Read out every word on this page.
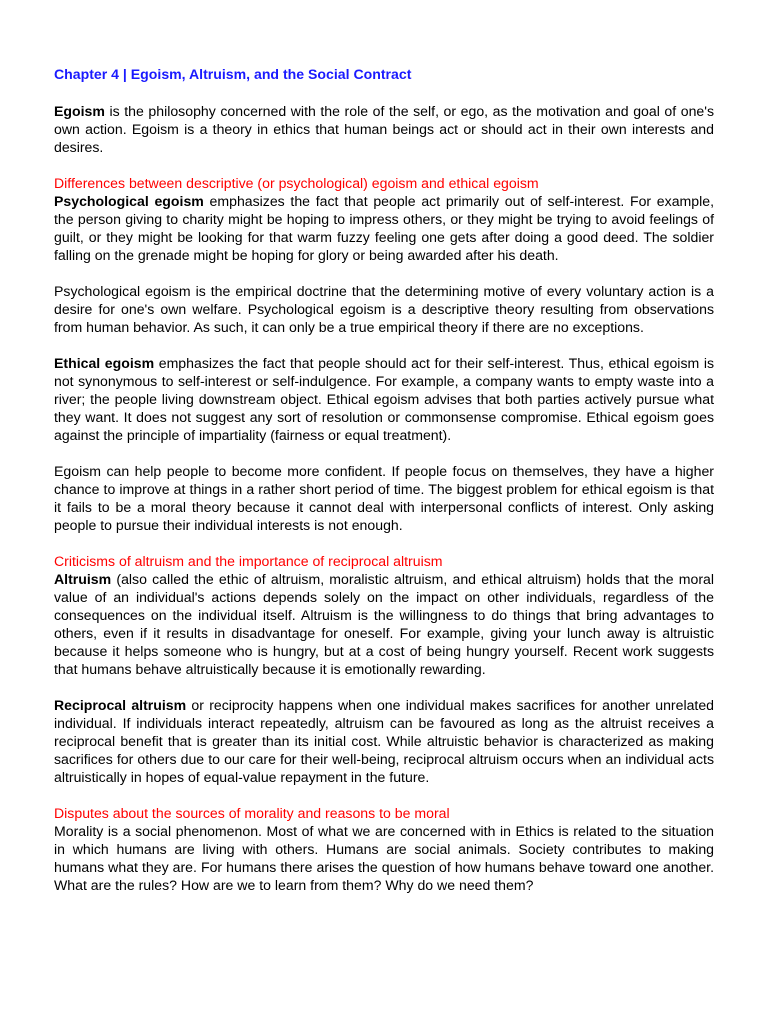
Chapter 4 | Egoism, Altruism, and the Social Contract

Egoism is the philosophy concerned with the role of the self, or ego, as the motivation and goal of one's own action. Egoism is a theory in ethics that human beings act or should act in their own interests and desires.

Differences between descriptive (or psychological) egoism and ethical egoism

Psychological egoism emphasizes the fact that people act primarily out of self-interest. For example, the person giving to charity might be hoping to impress others, or they might be trying to avoid feelings of guilt, or they might be looking for that warm fuzzy feeling one gets after doing a good deed. The soldier falling on the grenade might be hoping for glory or being awarded after his death.

Psychological egoism is the empirical doctrine that the determining motive of every voluntary action is a desire for one's own welfare. Psychological egoism is a descriptive theory resulting from observations from human behavior. As such, it can only be a true empirical theory if there are no exceptions.

Ethical egoism emphasizes the fact that people should act for their self-interest. Thus, ethical egoism is not synonymous to self-interest or self-indulgence. For example, a company wants to empty waste into a river; the people living downstream object. Ethical egoism advises that both parties actively pursue what they want. It does not suggest any sort of resolution or commonsense compromise. Ethical egoism goes against the principle of impartiality (fairness or equal treatment).

Egoism can help people to become more confident. If people focus on themselves, they have a higher chance to improve at things in a rather short period of time. The biggest problem for ethical egoism is that it fails to be a moral theory because it cannot deal with interpersonal conflicts of interest. Only asking people to pursue their individual interests is not enough.

Criticisms of altruism and the importance of reciprocal altruism

Altruism (also called the ethic of altruism, moralistic altruism, and ethical altruism) holds that the moral value of an individual's actions depends solely on the impact on other individuals, regardless of the consequences on the individual itself. Altruism is the willingness to do things that bring advantages to others, even if it results in disadvantage for oneself. For example, giving your lunch away is altruistic because it helps someone who is hungry, but at a cost of being hungry yourself. Recent work suggests that humans behave altruistically because it is emotionally rewarding.

Reciprocal altruism or reciprocity happens when one individual makes sacrifices for another unrelated individual. If individuals interact repeatedly, altruism can be favoured as long as the altruist receives a reciprocal benefit that is greater than its initial cost. While altruistic behavior is characterized as making sacrifices for others due to our care for their well-being, reciprocal altruism occurs when an individual acts altruistically in hopes of equal-value repayment in the future.

Disputes about the sources of morality and reasons to be moral

Morality is a social phenomenon. Most of what we are concerned with in Ethics is related to the situation in which humans are living with others. Humans are social animals. Society contributes to making humans what they are. For humans there arises the question of how humans behave toward one another. What are the rules? How are we to learn from them? Why do we need them?
